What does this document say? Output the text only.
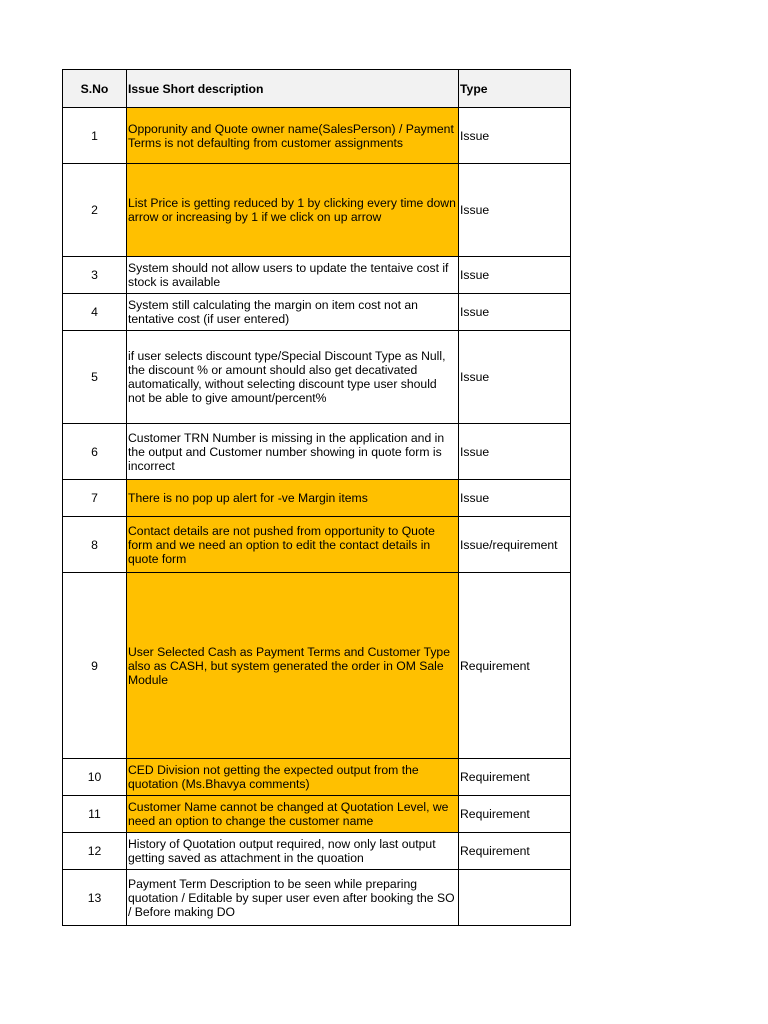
S.No	Issue Short description	Type
1	Opporunity and Quote owner name(SalesPerson) / Payment Terms is not defaulting from customer assignments	Issue
2	List Price is getting reduced by 1 by clicking every time down arrow or increasing by 1 if we click on up arrow	Issue
3	System should not allow users to update the tentaive cost if stock is available	Issue
4	System still calculating the margin on item cost not an tentative cost (if user entered)	Issue
5	if user selects discount type/Special Discount Type as Null, the discount % or amount should also get decativated automatically, without selecting discount type user should not be able to give amount/percent%	Issue
6	Customer TRN Number is missing in the application and in the output and Customer number showing in quote form is incorrect	Issue
7	There is no pop up alert for -ve Margin items	Issue
8	Contact details are not pushed from opportunity to Quote form and we need an option to edit the contact details in quote form	Issue/requirement
9	User Selected Cash as Payment Terms and Customer Type also as CASH, but system generated the order in OM Sale Module	Requirement
10	CED Division not getting the expected output from the quotation (Ms.Bhavya comments)	Requirement
11	Customer Name cannot be changed at Quotation Level, we need an option to change the customer name	Requirement
12	History of Quotation output required, now only last output getting saved as attachment in the quoation	Requirement
13	Payment Term Description to be seen while preparing quotation / Editable by super user even after booking the SO / Before making DO	
